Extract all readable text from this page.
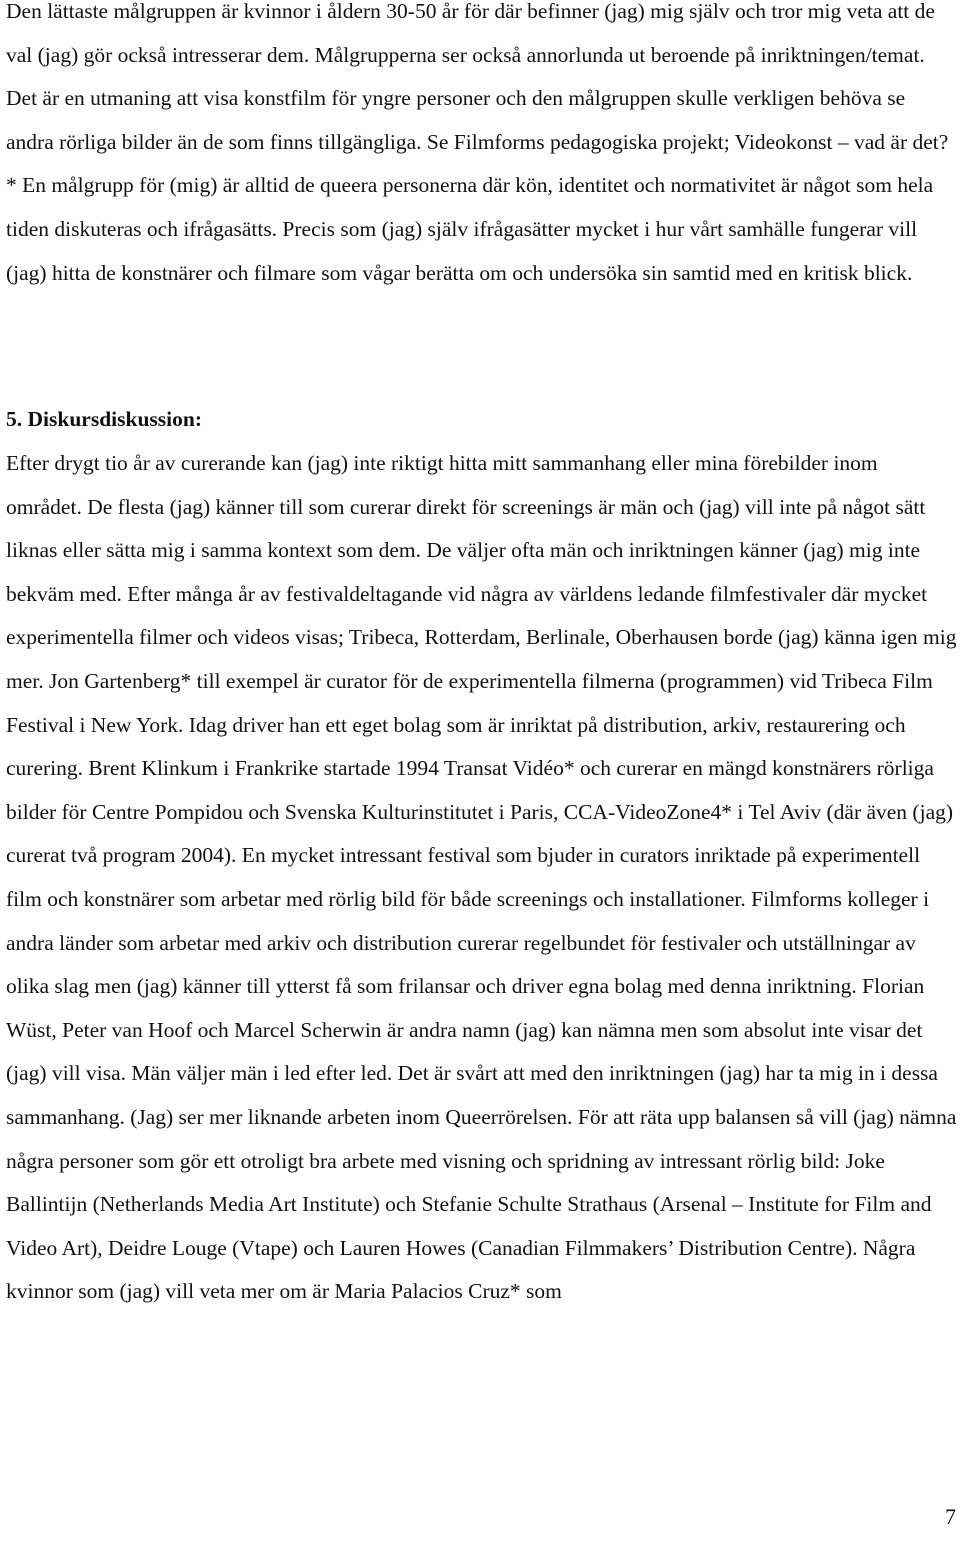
Den lättaste målgruppen är kvinnor i åldern 30-50 år för där befinner (jag) mig själv och tror mig veta att de val (jag) gör också intresserar dem. Målgrupperna ser också annorlunda ut beroende på inriktningen/temat. Det är en utmaning att visa konstfilm för yngre personer och den målgruppen skulle verkligen behöva se andra rörliga bilder än de som finns tillgängliga. Se Filmforms pedagogiska projekt; Videokonst – vad är det?* En målgrupp för (mig) är alltid de queera personerna där kön, identitet och normativitet är något som hela tiden diskuteras och ifrågasätts. Precis som (jag) själv ifrågasätter mycket i hur vårt samhälle fungerar vill (jag) hitta de konstnärer och filmare som vågar berätta om och undersöka sin samtid med en kritisk blick.

5. Diskursdiskussion:

Efter drygt tio år av curerande kan (jag) inte riktigt hitta mitt sammanhang eller mina förebilder inom området. De flesta (jag) känner till som curerar direkt för screenings är män och (jag) vill inte på något sätt liknas eller sätta mig i samma kontext som dem. De väljer ofta män och inriktningen känner (jag) mig inte bekväm med. Efter många år av festivaldeltagande vid några av världens ledande filmfestivaler där mycket experimentella filmer och videos visas; Tribeca, Rotterdam, Berlinale, Oberhausen borde (jag) känna igen mig mer. Jon Gartenberg* till exempel är curator för de experimentella filmerna (programmen) vid Tribeca Film Festival i New York. Idag driver han ett eget bolag som är inriktat på distribution, arkiv, restaurering och curering. Brent Klinkum i Frankrike startade 1994 Transat Vidéo* och curerar en mängd konstnärers rörliga bilder för Centre Pompidou och Svenska Kulturinstitutet i Paris, CCA-VideoZone4* i Tel Aviv (där även (jag) curerat två program 2004). En mycket intressant festival som bjuder in curators inriktade på experimentell film och konstnärer som arbetar med rörlig bild för både screenings och installationer. Filmforms kolleger i andra länder som arbetar med arkiv och distribution curerar regelbundet för festivaler och utställningar av olika slag men (jag) känner till ytterst få som frilansar och driver egna bolag med denna inriktning. Florian Wüst, Peter van Hoof och Marcel Scherwin är andra namn (jag) kan nämna men som absolut inte visar det (jag) vill visa. Män väljer män i led efter led. Det är svårt att med den inriktningen (jag) har ta mig in i dessa sammanhang. (Jag) ser mer liknande arbeten inom Queerrörelsen. För att räta upp balansen så vill (jag) nämna några personer som gör ett otroligt bra arbete med visning och spridning av intressant rörlig bild: Joke Ballintijn (Netherlands Media Art Institute) och Stefanie Schulte Strathaus (Arsenal – Institute for Film and Video Art), Deidre Louge (Vtape) och Lauren Howes (Canadian Filmmakers’ Distribution Centre). Några kvinnor som (jag) vill veta mer om är Maria Palacios Cruz* som

7
